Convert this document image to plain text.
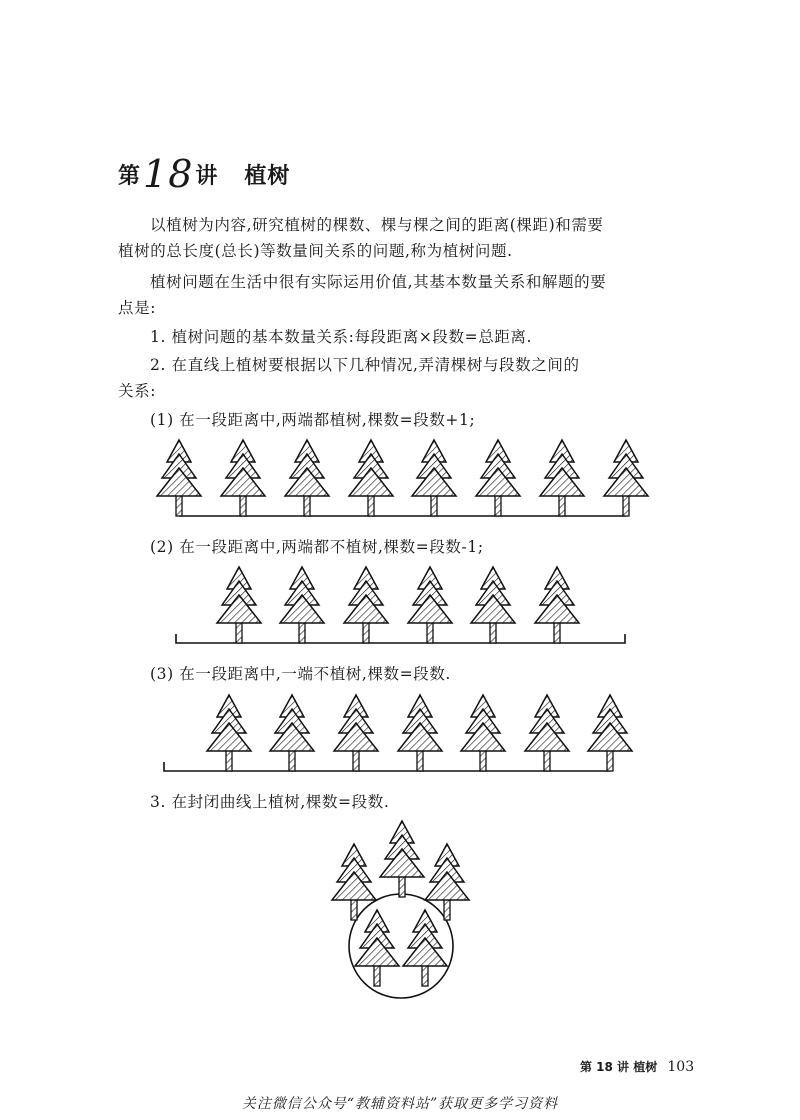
第18讲 植树
以植树为内容,研究植树的棵数、棵与棵之间的距离(棵距)和需要
植树的总长度(总长)等数量间关系的问题,称为植树问题.
植树问题在生活中很有实际运用价值,其基本数量关系和解题的要
点是:
1. 植树问题的基本数量关系:每段距离×段数=总距离.
2. 在直线上植树要根据以下几种情况,弄清棵树与段数之间的
关系:
(1) 在一段距离中,两端都植树,棵数=段数+1;
(2) 在一段距离中,两端都不植树,棵数=段数-1;
(3) 在一段距离中,一端不植树,棵数=段数.
3. 在封闭曲线上植树,棵数=段数.
第 18 讲 植树 103
关注微信公众号“教辅资料站”获取更多学习资料
